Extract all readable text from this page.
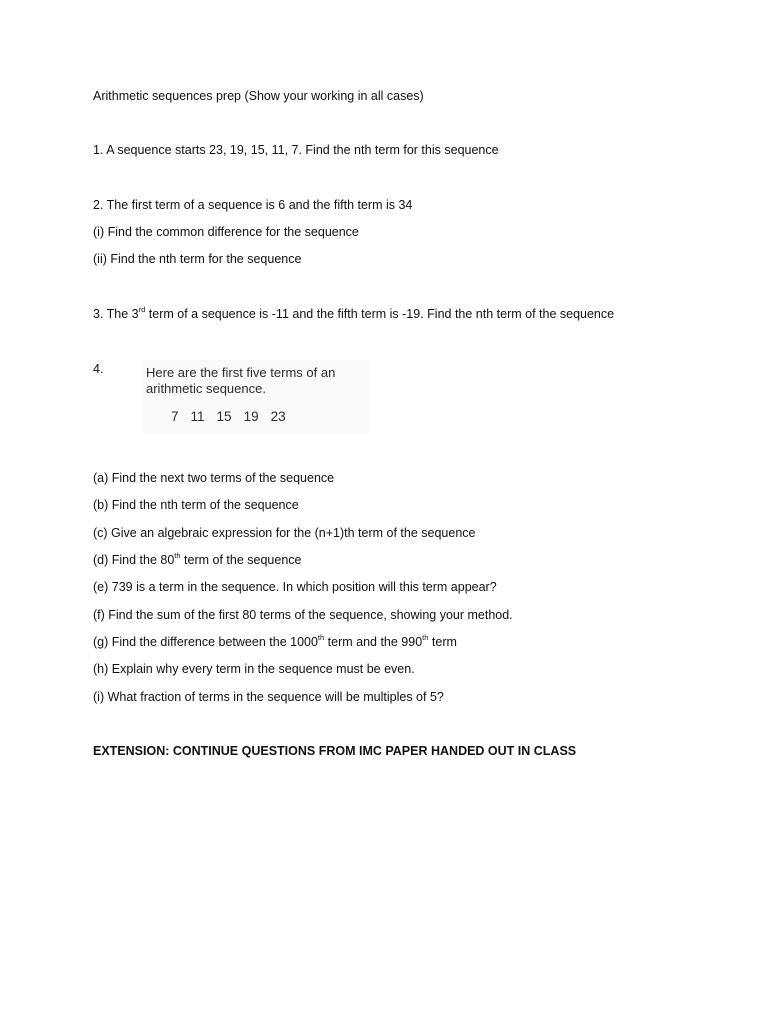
Arithmetic sequences prep (Show your working in all cases)
1. A sequence starts 23, 19, 15, 11, 7. Find the nth term for this sequence
2. The first term of a sequence is 6 and the fifth term is 34
(i) Find the common difference for the sequence
(ii) Find the nth term for the sequence
3. The 3rd term of a sequence is -11 and the fifth term is -19. Find the nth term of the sequence
4.	Here are the first five terms of an
arithmetic sequence.
7 11 15 19 23
(a) Find the next two terms of the sequence
(b) Find the nth term of the sequence
(c) Give an algebraic expression for the (n+1)th term of the sequence
(d) Find the 80th term of the sequence
(e) 739 is a term in the sequence. In which position will this term appear?
(f) Find the sum of the first 80 terms of the sequence, showing your method.
(g) Find the difference between the 1000th term and the 990th term
(h) Explain why every term in the sequence must be even.
(i) What fraction of terms in the sequence will be multiples of 5?
EXTENSION: CONTINUE QUESTIONS FROM IMC PAPER HANDED OUT IN CLASS
